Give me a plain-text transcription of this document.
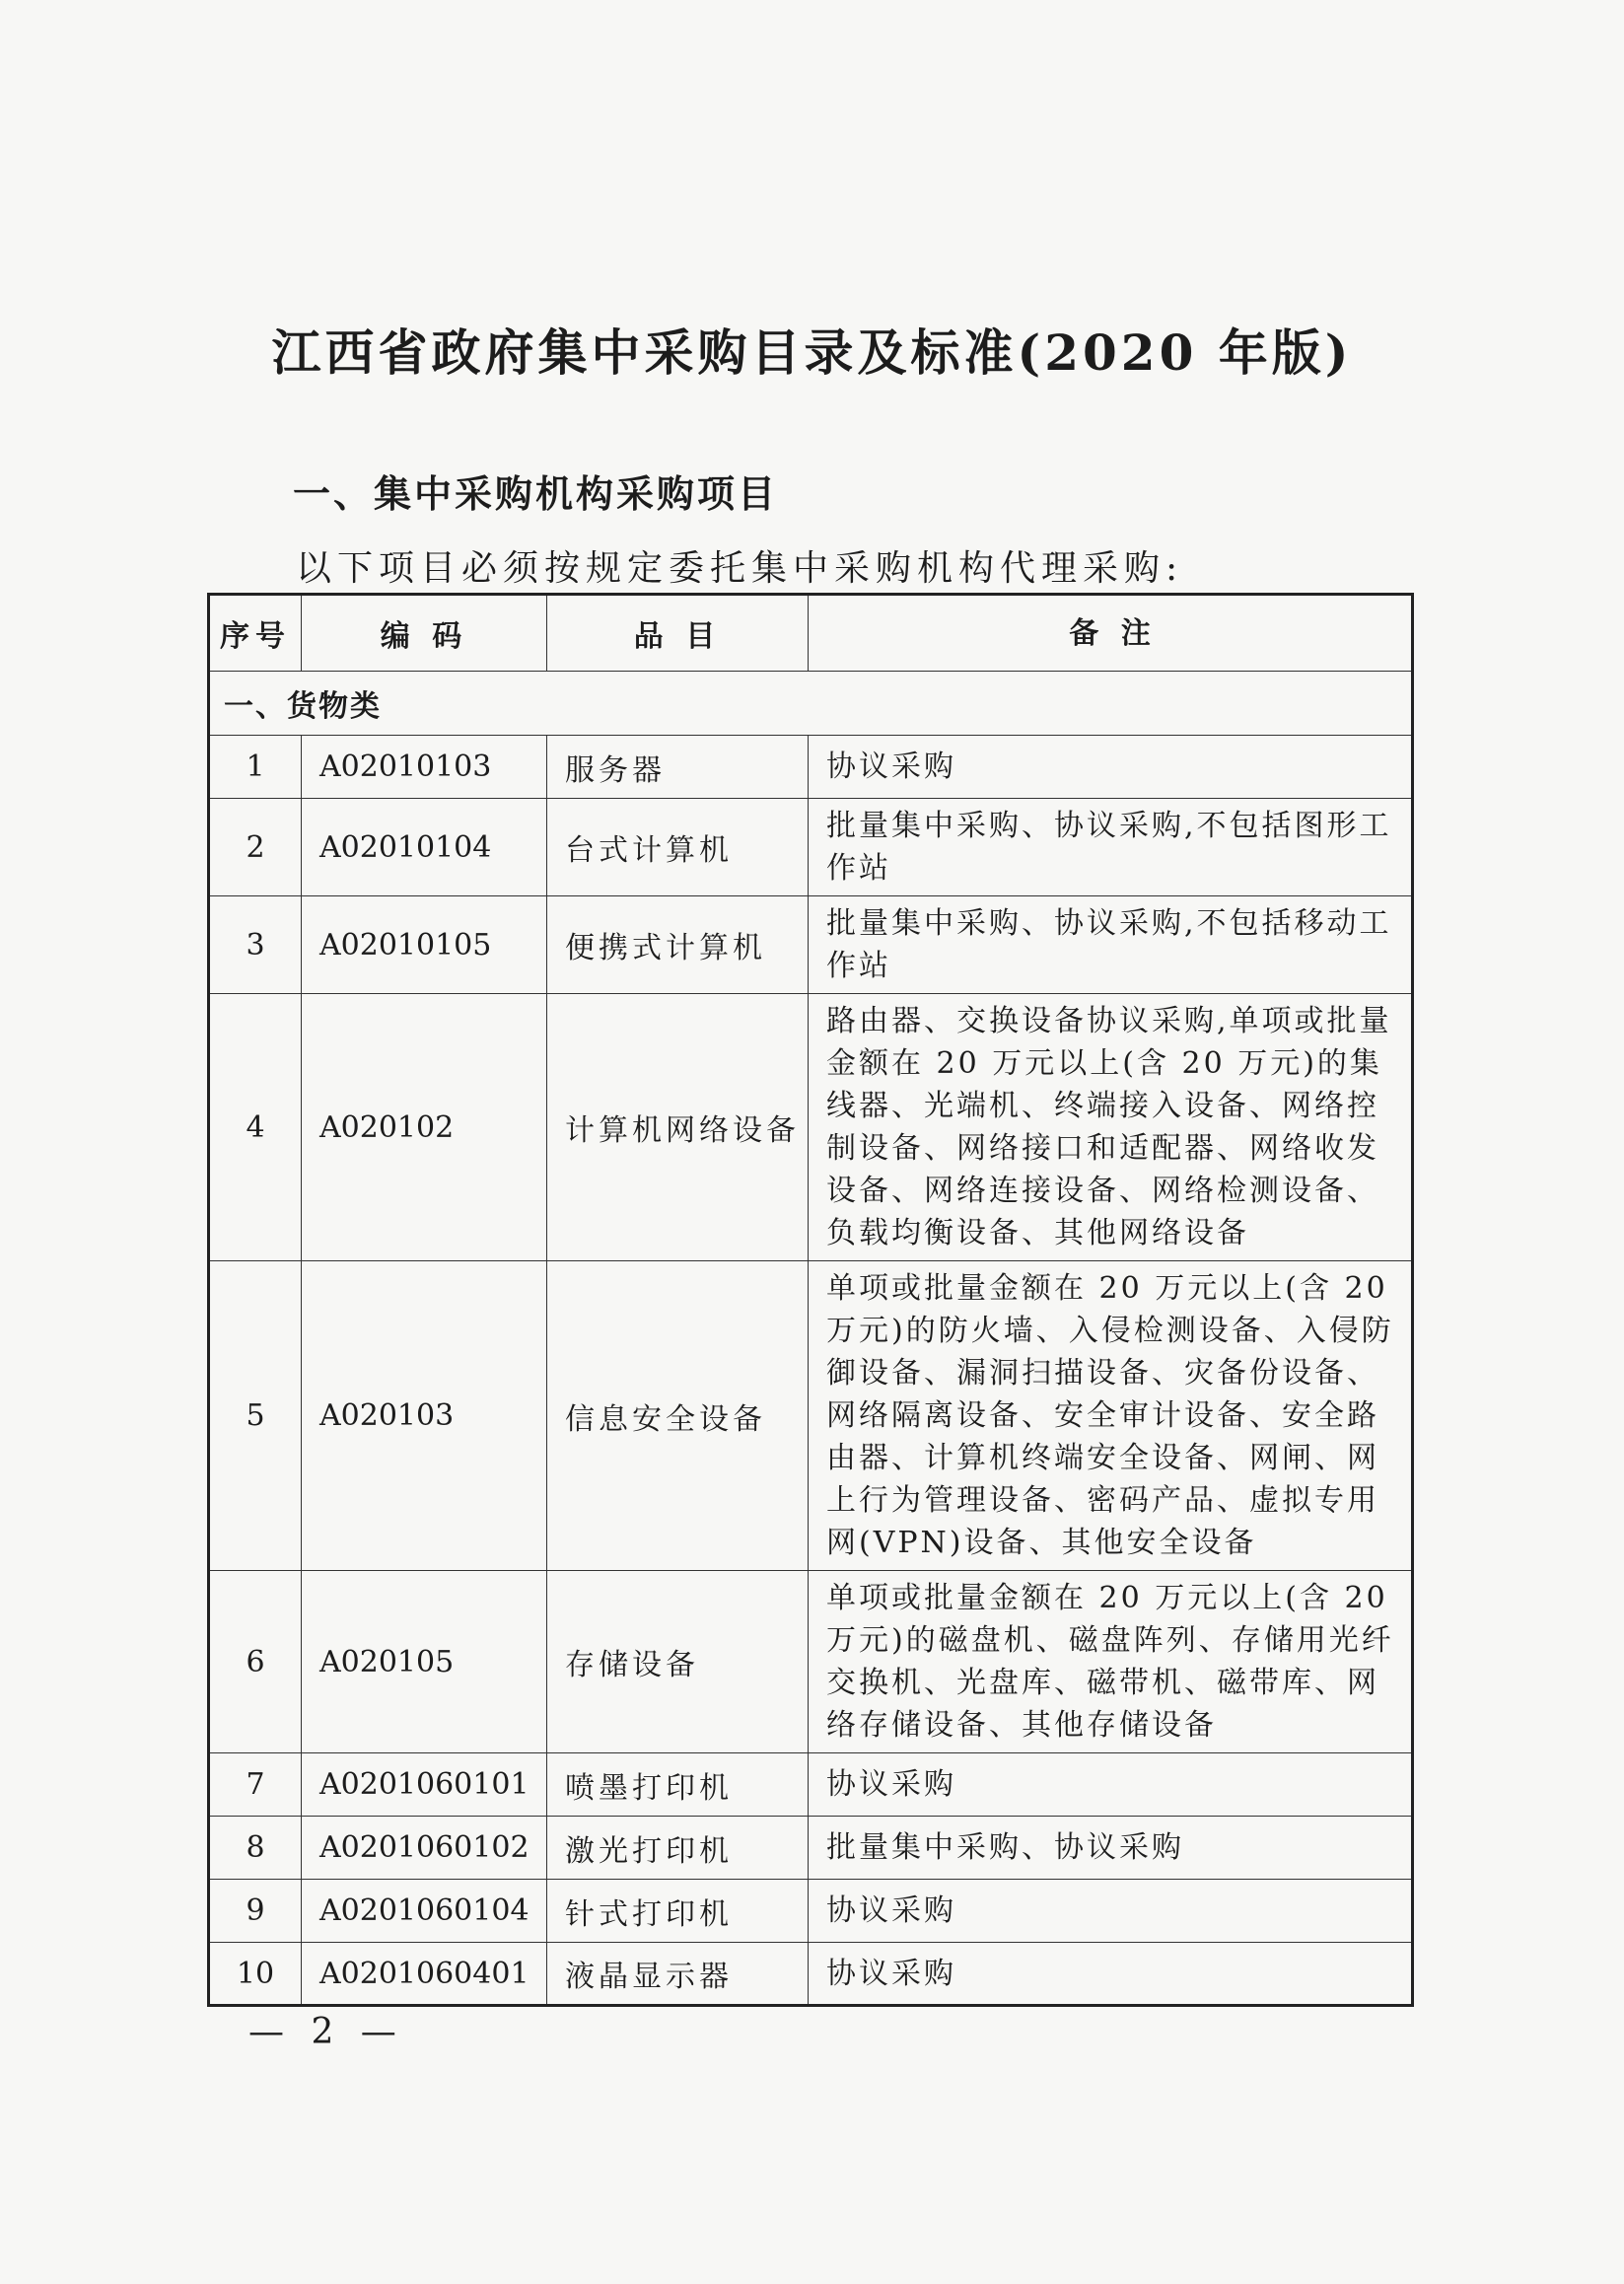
江西省政府集中采购目录及标准(2020 年版)
一、集中采购机构采购项目
以下项目必须按规定委托集中采购机构代理采购:
序号	编 码	品 目	备 注
一、货物类			
1	A02010103	服务器	协议采购
2	A02010104	台式计算机	批量集中采购、协议采购,不包括图形工作站
3	A02010105	便携式计算机	批量集中采购、协议采购,不包括移动工作站
4	A020102	计算机网络设备	路由器、交换设备协议采购,单项或批量金额在 20 万元以上(含 20 万元)的集线器、光端机、终端接入设备、网络控制设备、网络接口和适配器、网络收发设备、网络连接设备、网络检测设备、负载均衡设备、其他网络设备
5	A020103	信息安全设备	单项或批量金额在 20 万元以上(含 20 万元)的防火墙、入侵检测设备、入侵防御设备、漏洞扫描设备、灾备份设备、网络隔离设备、安全审计设备、安全路由器、计算机终端安全设备、网闸、网上行为管理设备、密码产品、虚拟专用网(VPN)设备、其他安全设备
6	A020105	存储设备	单项或批量金额在 20 万元以上(含 20 万元)的磁盘机、磁盘阵列、存储用光纤交换机、光盘库、磁带机、磁带库、网络存储设备、其他存储设备
7	A0201060101	喷墨打印机	协议采购
8	A0201060102	激光打印机	批量集中采购、协议采购
9	A0201060104	针式打印机	协议采购
10	A0201060401	液晶显示器	协议采购
— 2 —
